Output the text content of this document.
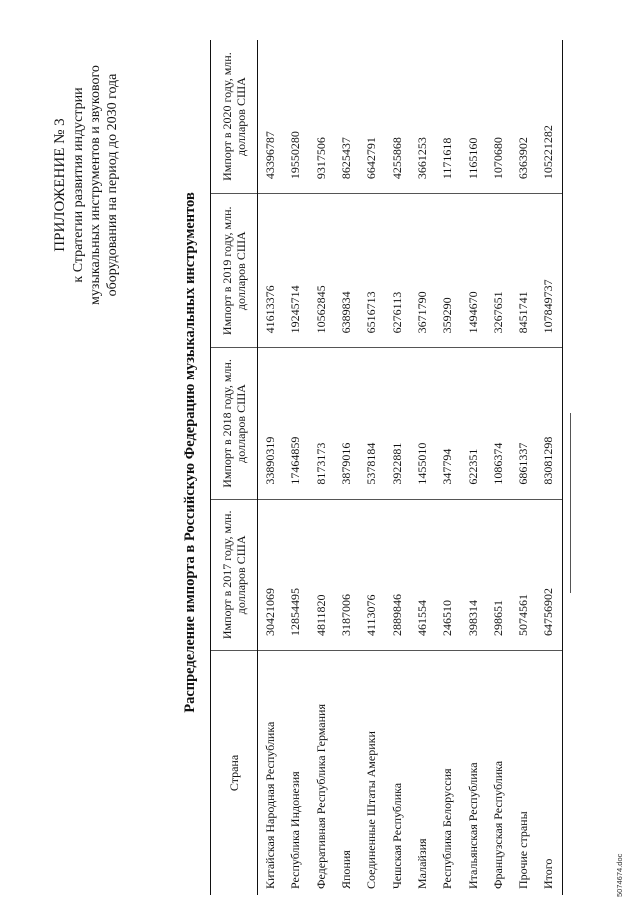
ПРИЛОЖЕНИЕ № 3 к Стратегии развития индустрии музыкальных инструментов и звукового оборудования на период до 2030 года
Распределение импорта в Российскую Федерацию музыкальных инструментов
Страна	Импорт в 2017 году, млн. долларов США	Импорт в 2018 году, млн. долларов США	Импорт в 2019 году, млн. долларов США	Импорт в 2020 году, млн. долларов США
Китайская Народная Республика	30421069	33890319	41613376	43396787
Республика Индонезия	12854495	17464859	19245714	19550280
Федеративная Республика Германия	4811820	8173173	10562845	9317506
Япония	3187006	3879016	6389834	8625437
Соединенные Штаты Америки	4113076	5378184	6516713	6642791
Чешская Республика	2889846	3922881	6276113	4255868
Малайзия	461554	1455010	3671790	3661253
Республика Белоруссия	246510	347794	359290	1171618
Итальянская Республика	398314	622351	1494670	1165160
Французская Республика	298651	1086374	3267651	1070680
Прочие страны	5074561	6861337	8451741	6363902
Итого	64756902	83081298	107849737	105221282
5074674.doc
